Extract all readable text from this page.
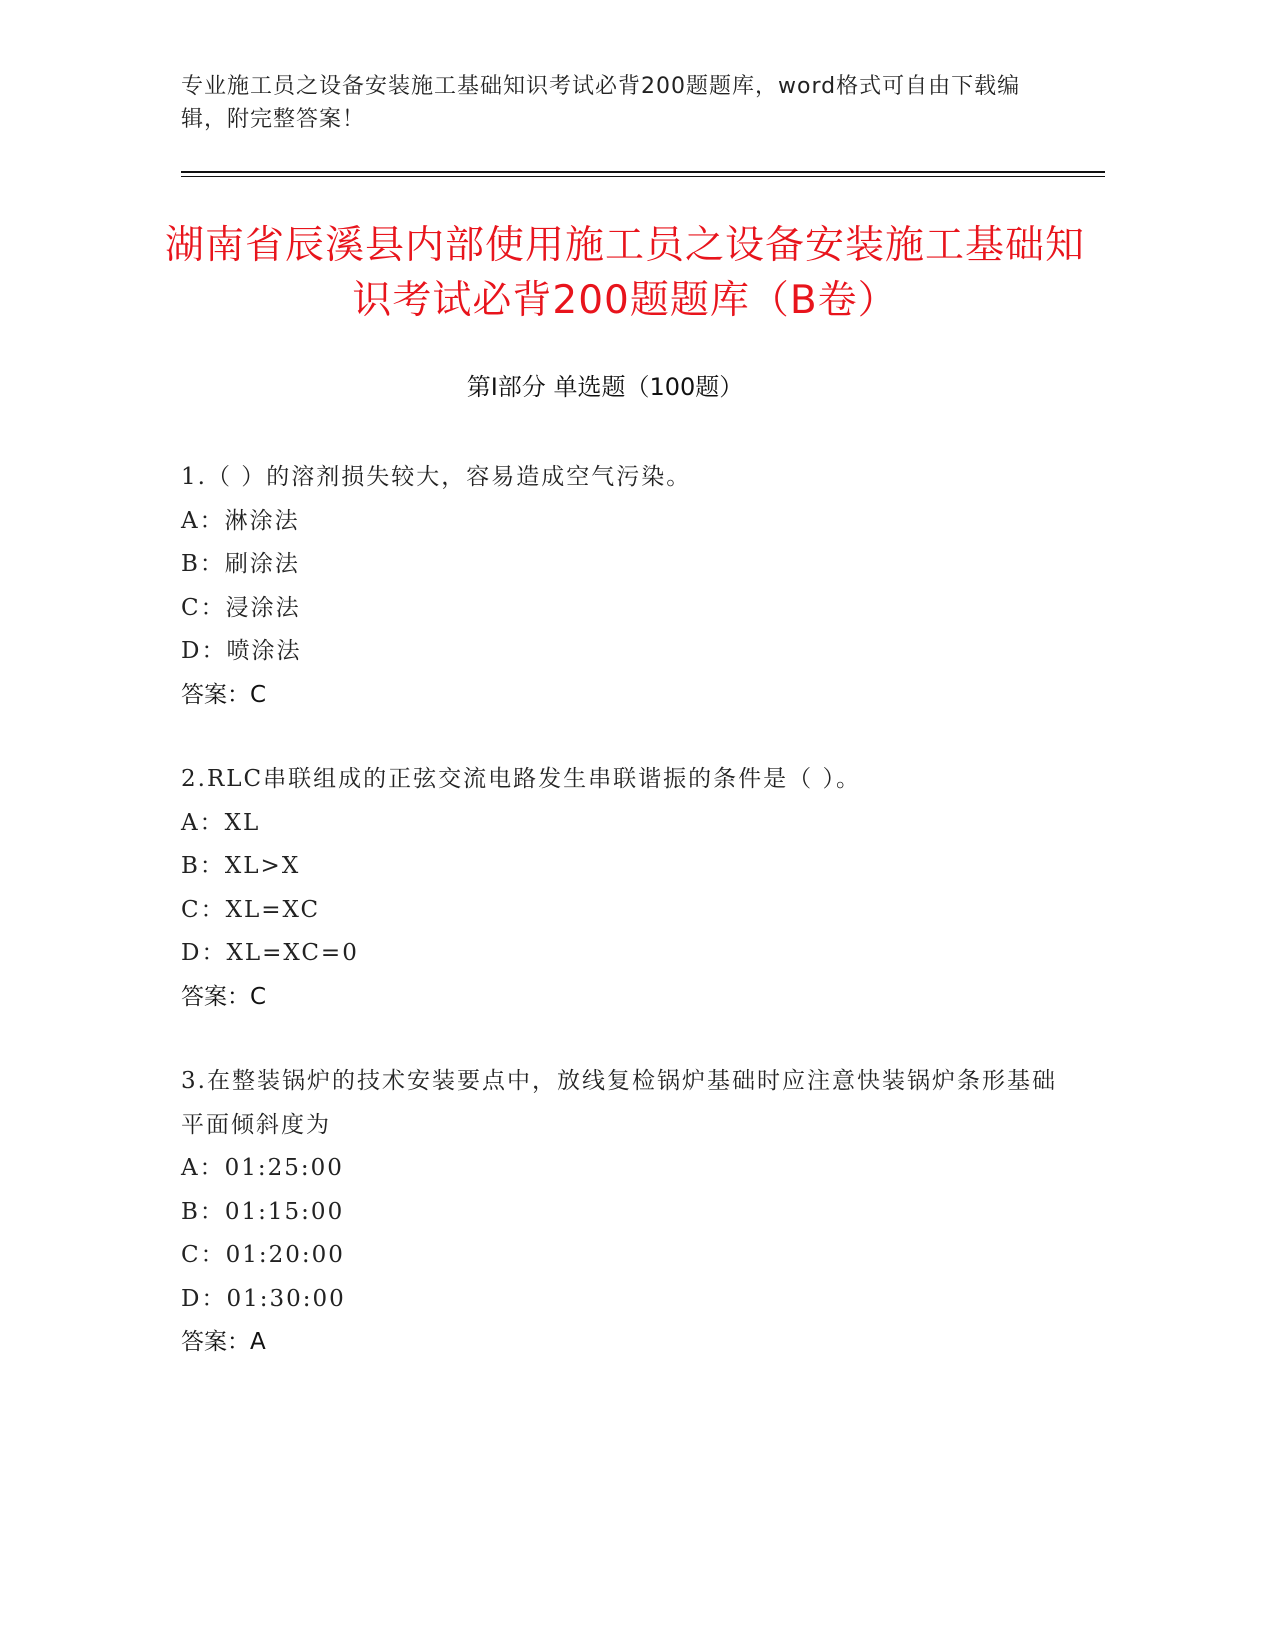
专业施工员之设备安装施工基础知识考试必背200题题库，word格式可自由下载编辑，附完整答案！
湖南省辰溪县内部使用施工员之设备安装施工基础知识考试必背200题题库（B卷）
第Ⅰ部分 单选题（100题）
1.（ ）的溶剂损失较大，容易造成空气污染。
A：淋涂法
B：刷涂法
C：浸涂法
D：喷涂法
答案：C
2.RLC串联组成的正弦交流电路发生串联谐振的条件是（ ）。
A：XL
B：XL>X
C：XL=XC
D：XL=XC=0
答案：C
3.在整装锅炉的技术安装要点中，放线复检锅炉基础时应注意快装锅炉条形基础平面倾斜度为
A：01:25:00
B：01:15:00
C：01:20:00
D：01:30:00
答案：A
